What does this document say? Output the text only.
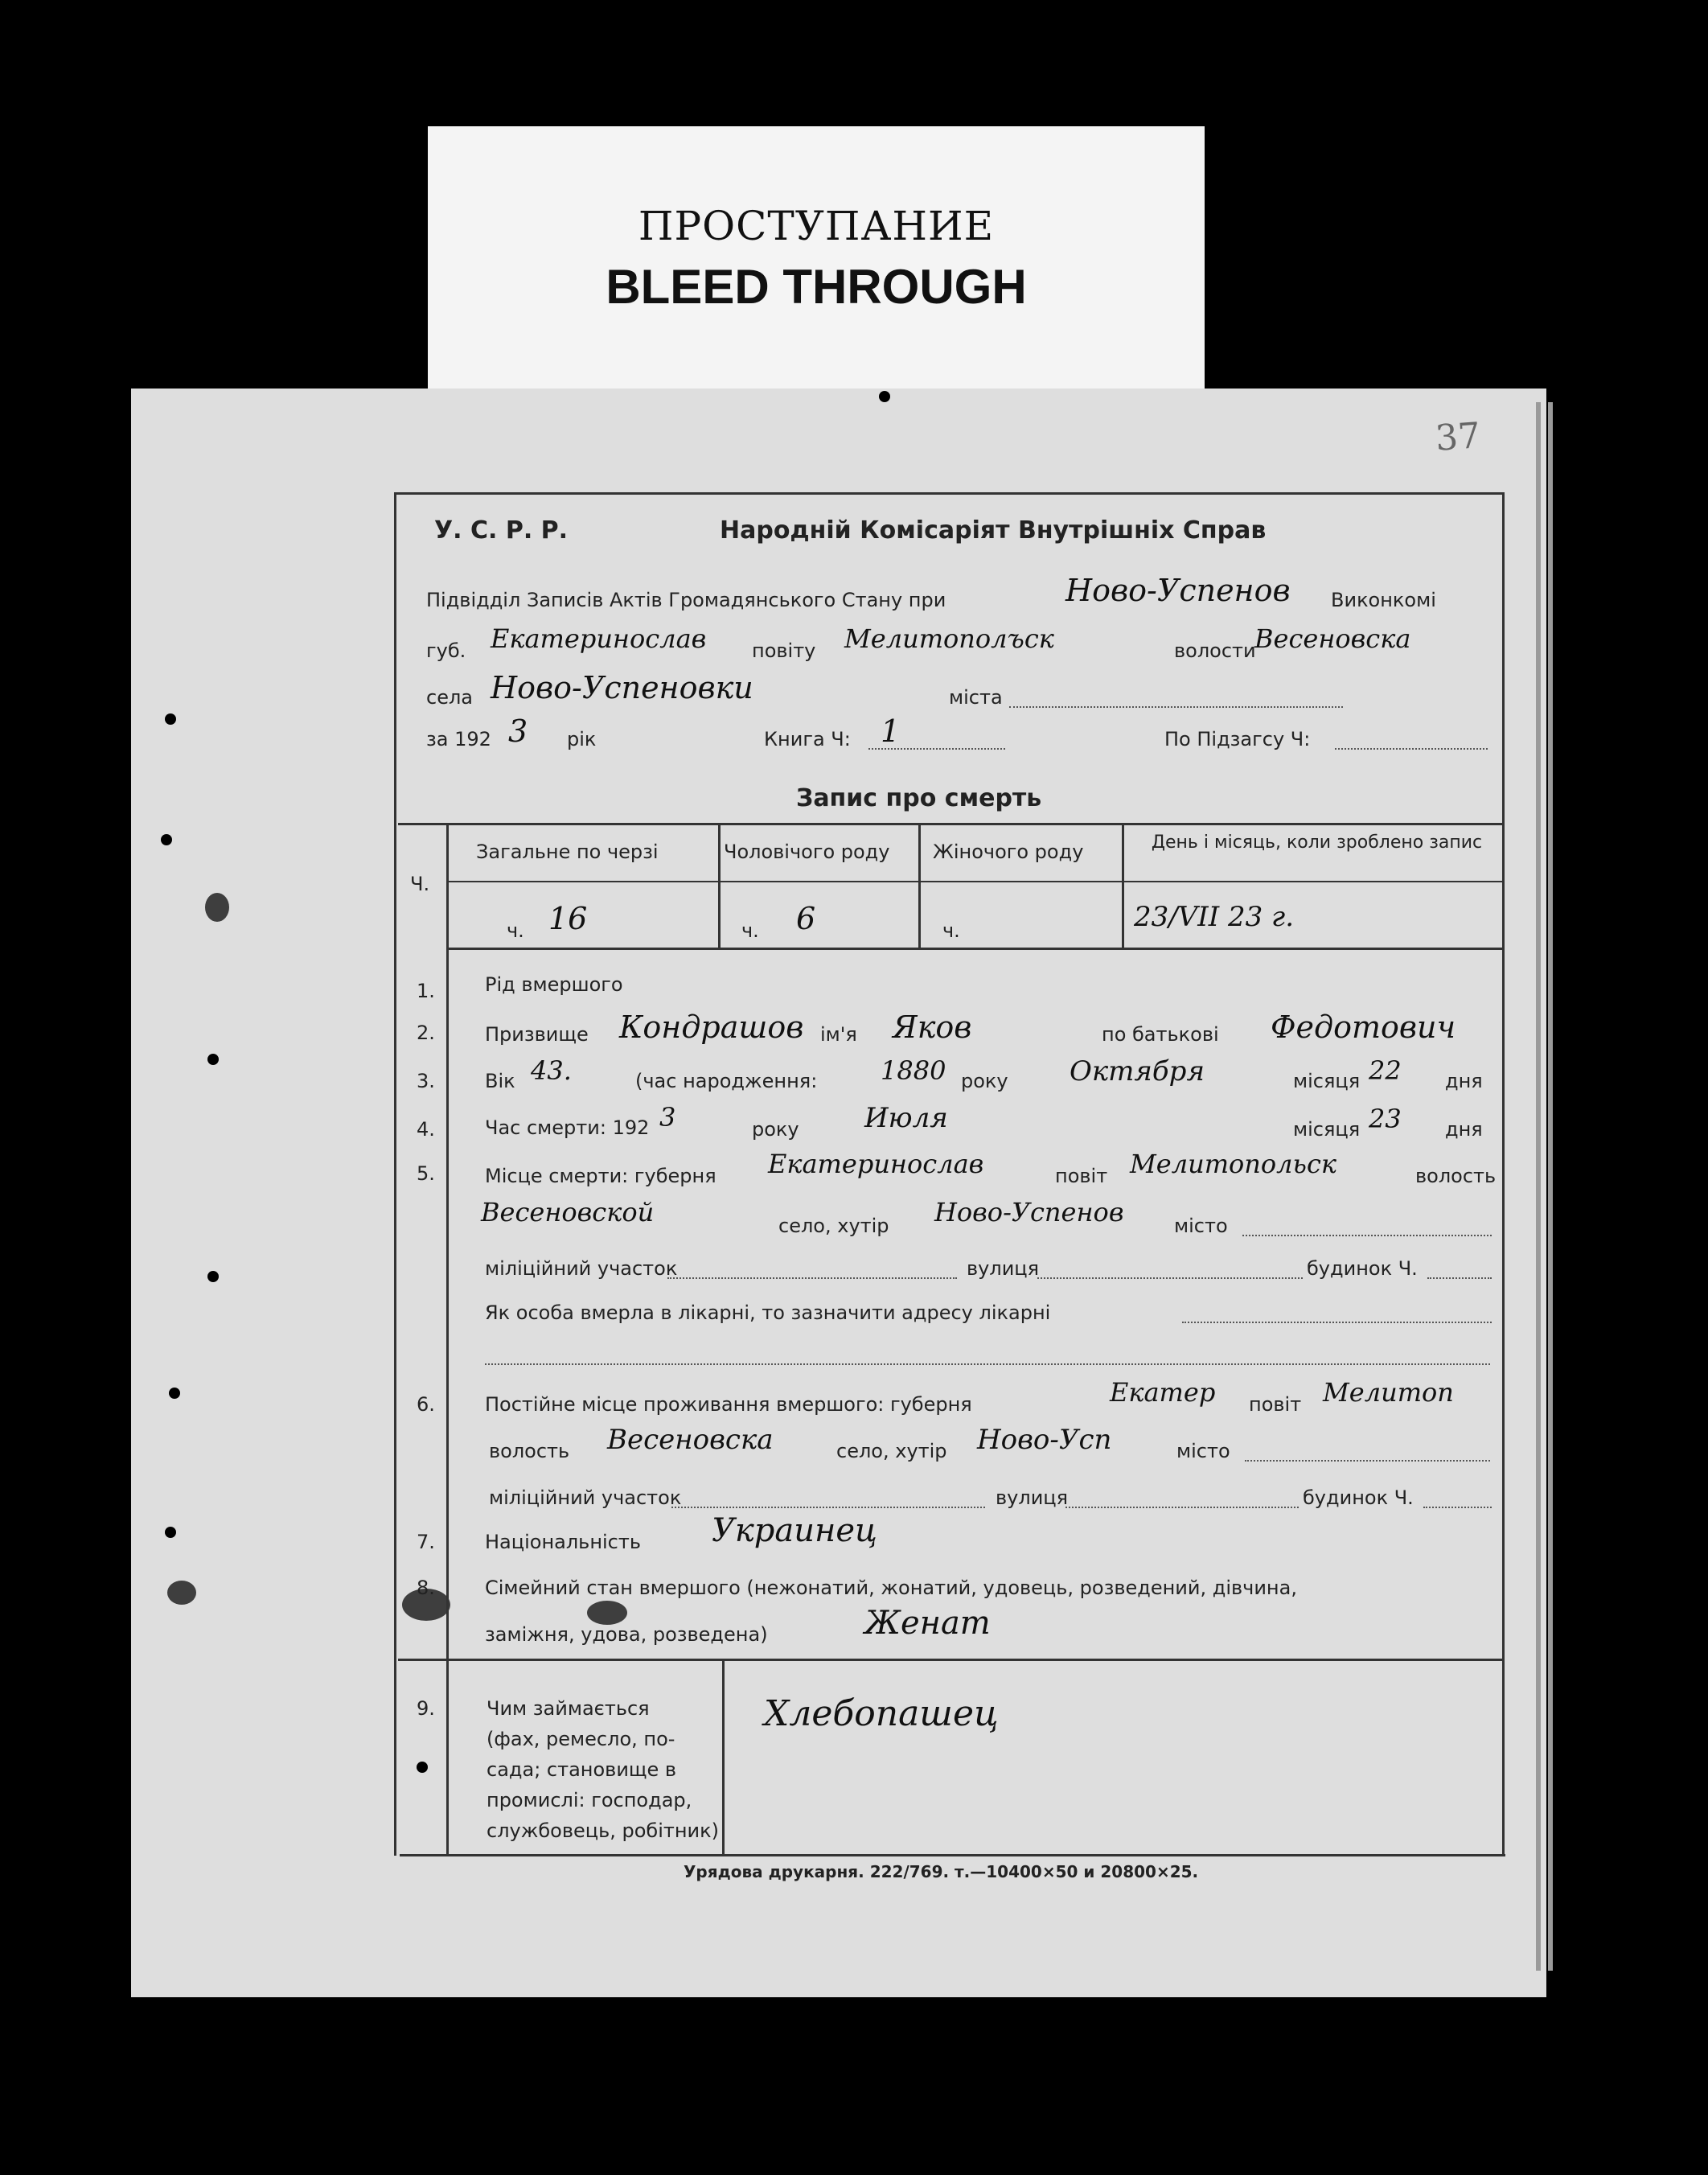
ПРОСТУПАНИЕ
BLEED THROUGH
37
У. С. Р. Р.	Народній Комісаріят Внутрішніх Справ
Підвідділ Записів Актів Громадянського Стану при	Ново-Успенов Виконкомі
губ. Екатеринослав повіту Мелитополъск	волости
Весеновска
села Ново-Успеновки	міста
за 192 3 рік	Книга Ч: 1	По Підзагсу Ч:
Запис про смерть
Ч.
Загальне по черзі	Чоловічого роду Жіночого роду	День і місяць, коли зроблено запис
ч. 16	ч. 6	ч.	23/VII 23 г.
1.	Рід вмершого
2.	Призвище Кондрашов ім'я Яков	по батькові Федотович
3.	Вік 43.	(час народження: 1880 року Октября	місяця 22 дня
4.	Час смерти: 192 3	року Июля	місяця 23 дня
5.	Місце смерти: губерня Екатеринослав	повіт Мелитопольск	волость
Весеновской	село, хутір Ново-Успенов	місто
міліційний участок	вулиця	будинок Ч.
Як особа вмерла в лікарні, то зазначити адресу лікарні
6.	Постійне місце проживання вмершого: губерня	Екатер повіт Мелитоп
волость Весеновска	село, хутір Ново-Усп	місто
міліційний участок	вулиця	будинок Ч.
7.	Національність Украинец
8.	Сімейний стан вмершого (нежонатий, жонатий, удовець, розведений, дівчина,
заміжня, удова, розведена)	Женат
9.	Чим займається
(фах, ремесло, по-
сада; становище в
промислі: господар,
службовець, робітник)
Хлебопашец
Урядова друкарня. 222/769. т.—10400×50 и 20800×25.
